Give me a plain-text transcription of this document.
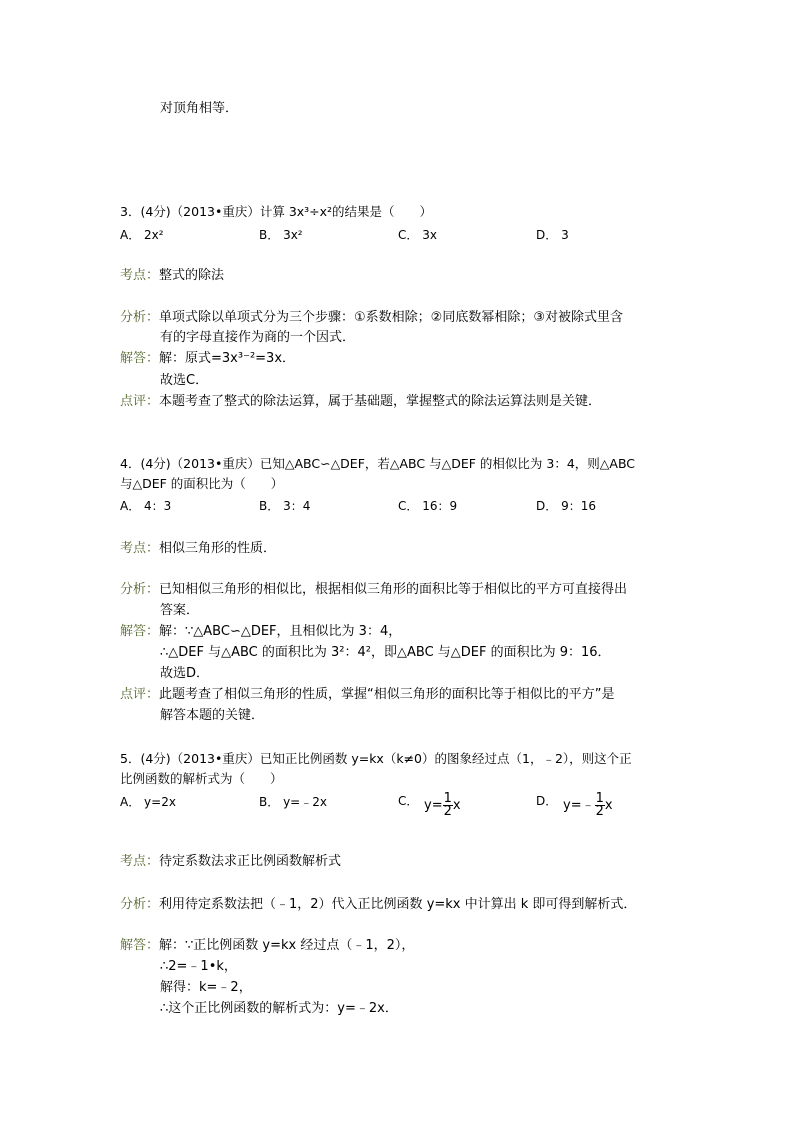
对顶角相等．
3．(4分)（2013•重庆）计算 3x³÷x²的结果是（　　）
A． 2x²	B． 3x²	C． 3x	D． 3
考点：整式的除法
分析：单项式除以单项式分为三个步骤：①系数相除；②同底数幂相除；③对被除式里含
有的字母直接作为商的一个因式．
解答：解：原式=3x³⁻²=3x．
故选C．
点评：本题考查了整式的除法运算，属于基础题，掌握整式的除法运算法则是关键．
4．(4分)（2013•重庆）已知△ABC∽△DEF，若△ABC 与△DEF 的相似比为 3：4，则△ABC
与△DEF 的面积比为（　　）
A． 4：3	B． 3：4	C． 16：9	D． 9：16
考点：相似三角形的性质．
分析：已知相似三角形的相似比，根据相似三角形的面积比等于相似比的平方可直接得出
答案．
解答：解：∵△ABC∽△DEF，且相似比为 3：4，
∴△DEF 与△ABC 的面积比为 3²：4²，即△ABC 与△DEF 的面积比为 9：16．
故选D．
点评：此题考查了相似三角形的性质，掌握“相似三角形的面积比等于相似比的平方”是
解答本题的关键．
5．(4分)（2013•重庆）已知正比例函数 y=kx（k≠0）的图象经过点（1，﹣2），则这个正
比例函数的解析式为（　　）
A． y=2x	B． y=﹣2x	C． $y= \frac{1}{2}$ x	D． y=﹣ $\frac{1}{2}$ x
考点：待定系数法求正比例函数解析式
分析：利用待定系数法把（﹣1，2）代入正比例函数 y=kx 中计算出 k 即可得到解析式．
解答：解：∵正比例函数 y=kx 经过点（﹣1，2），
∴2=﹣1•k，
解得：k=﹣2，
∴这个正比例函数的解析式为：y=﹣2x．
